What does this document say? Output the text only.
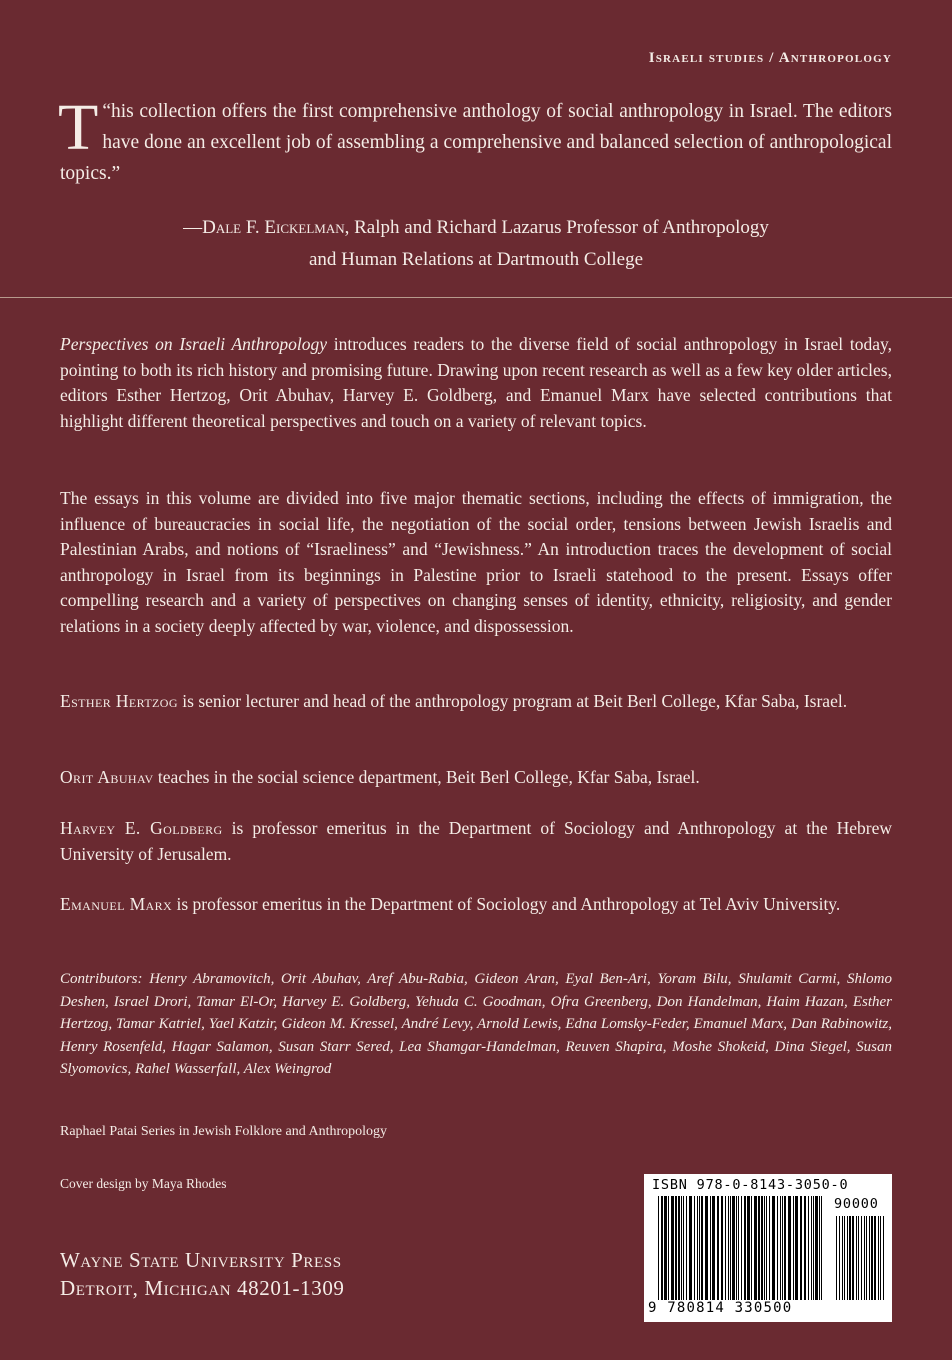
Israeli studies / Anthropology
“
T his collection offers the first comprehensive anthology of social anthropology in Israel. The editors have done an excellent job of assembling a comprehensive and balanced selection of anthropological topics.”
—Dale F. Eickelman, Ralph and Richard Lazarus Professor of Anthropology
and Human Relations at Dartmouth College

Perspectives on Israeli Anthropology introduces readers to the diverse field of social anthropology in Israel today, pointing to both its rich history and promising future. Drawing upon recent research as well as a few key older articles, editors Esther Hertzog, Orit Abuhav, Harvey E. Goldberg, and Emanuel Marx have selected contributions that highlight different theoretical perspectives and touch on a variety of relevant topics.

The essays in this volume are divided into five major thematic sections, including the effects of immigration, the influence of bureaucracies in social life, the negotiation of the social order, tensions between Jewish Israelis and Palestinian Arabs, and notions of “Israeliness” and “Jewishness.” An introduction traces the development of social anthropology in Israel from its beginnings in Palestine prior to Israeli statehood to the present. Essays offer compelling research and a variety of perspectives on changing senses of identity, ethnicity, religiosity, and gender relations in a society deeply affected by war, violence, and dispossession.

Esther Hertzog is senior lecturer and head of the anthropology program at Beit Berl College, Kfar Saba, Israel.

Orit Abuhav teaches in the social science department, Beit Berl College, Kfar Saba, Israel.

Harvey E. Goldberg is professor emeritus in the Department of Sociology and Anthropology at the Hebrew University of Jerusalem.

Emanuel Marx is professor emeritus in the Department of Sociology and Anthropology at Tel Aviv University.

Contributors: Henry Abramovitch, Orit Abuhav, Aref Abu-Rabia, Gideon Aran, Eyal Ben-Ari, Yoram Bilu, Shulamit Carmi, Shlomo Deshen, Israel Drori, Tamar El-Or, Harvey E. Goldberg, Yehuda C. Goodman, Ofra Greenberg, Don Handelman, Haim Hazan, Esther Hertzog, Tamar Katriel, Yael Katzir, Gideon M. Kressel, André Levy, Arnold Lewis, Edna Lomsky-Feder, Emanuel Marx, Dan Rabinowitz, Henry Rosenfeld, Hagar Salamon, Susan Starr Sered, Lea Shamgar-Handelman, Reuven Shapira, Moshe Shokeid, Dina Siegel, Susan Slyomovics, Rahel Wasserfall, Alex Weingrod
Raphael Patai Series in Jewish Folklore and Anthropology
Cover design by Maya Rhodes
Wayne State University Press
Detroit, Michigan 48201-1309
ISBN 978-0-8143-3050-0
90000
9 780814 330500
